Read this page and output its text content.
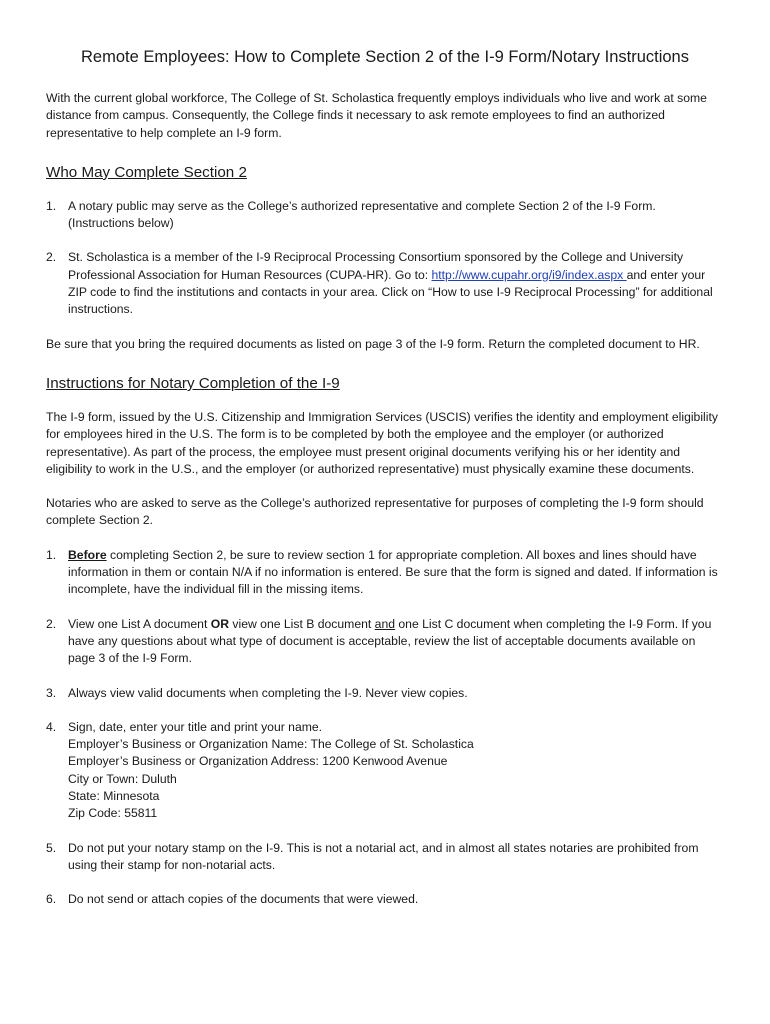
Remote Employees: How to Complete Section 2 of the I-9 Form/Notary Instructions

With the current global workforce, The College of St. Scholastica frequently employs individuals who live and work at some distance from campus. Consequently, the College finds it necessary to ask remote employees to find an authorized representative to help complete an I-9 form.

Who May Complete Section 2
1. A notary public may serve as the College’s authorized representative and complete Section 2 of the I-9 Form. (Instructions below)
2. St. Scholastica is a member of the I-9 Reciprocal Processing Consortium sponsored by the College and University Professional Association for Human Resources (CUPA-HR). Go to: http://www.cupahr.org/i9/index.aspx and enter your ZIP code to find the institutions and contacts in your area. Click on “How to use I-9 Reciprocal Processing” for additional instructions.

Be sure that you bring the required documents as listed on page 3 of the I-9 form. Return the completed document to HR.

Instructions for Notary Completion of the I-9

The I-9 form, issued by the U.S. Citizenship and Immigration Services (USCIS) verifies the identity and employment eligibility for employees hired in the U.S. The form is to be completed by both the employee and the employer (or authorized representative). As part of the process, the employee must present original documents verifying his or her identity and eligibility to work in the U.S., and the employer (or authorized representative) must physically examine these documents.

Notaries who are asked to serve as the College’s authorized representative for purposes of completing the I-9 form should complete Section 2.

1. Before completing Section 2, be sure to review section 1 for appropriate completion. All boxes and lines should have information in them or contain N/A if no information is entered. Be sure that the form is signed and dated. If information is incomplete, have the individual fill in the missing items.
2. View one List A document OR view one List B document and one List C document when completing the I-9 Form. If you have any questions about what type of document is acceptable, review the list of acceptable documents available on page 3 of the I-9 Form.
3. Always view valid documents when completing the I-9. Never view copies.
4. Sign, date, enter your title and print your name.
Employer’s Business or Organization Name: The College of St. Scholastica
Employer’s Business or Organization Address: 1200 Kenwood Avenue
City or Town: Duluth
State: Minnesota
Zip Code: 55811
5. Do not put your notary stamp on the I-9. This is not a notarial act, and in almost all states notaries are prohibited from using their stamp for non-notarial acts.
6. Do not send or attach copies of the documents that were viewed.
